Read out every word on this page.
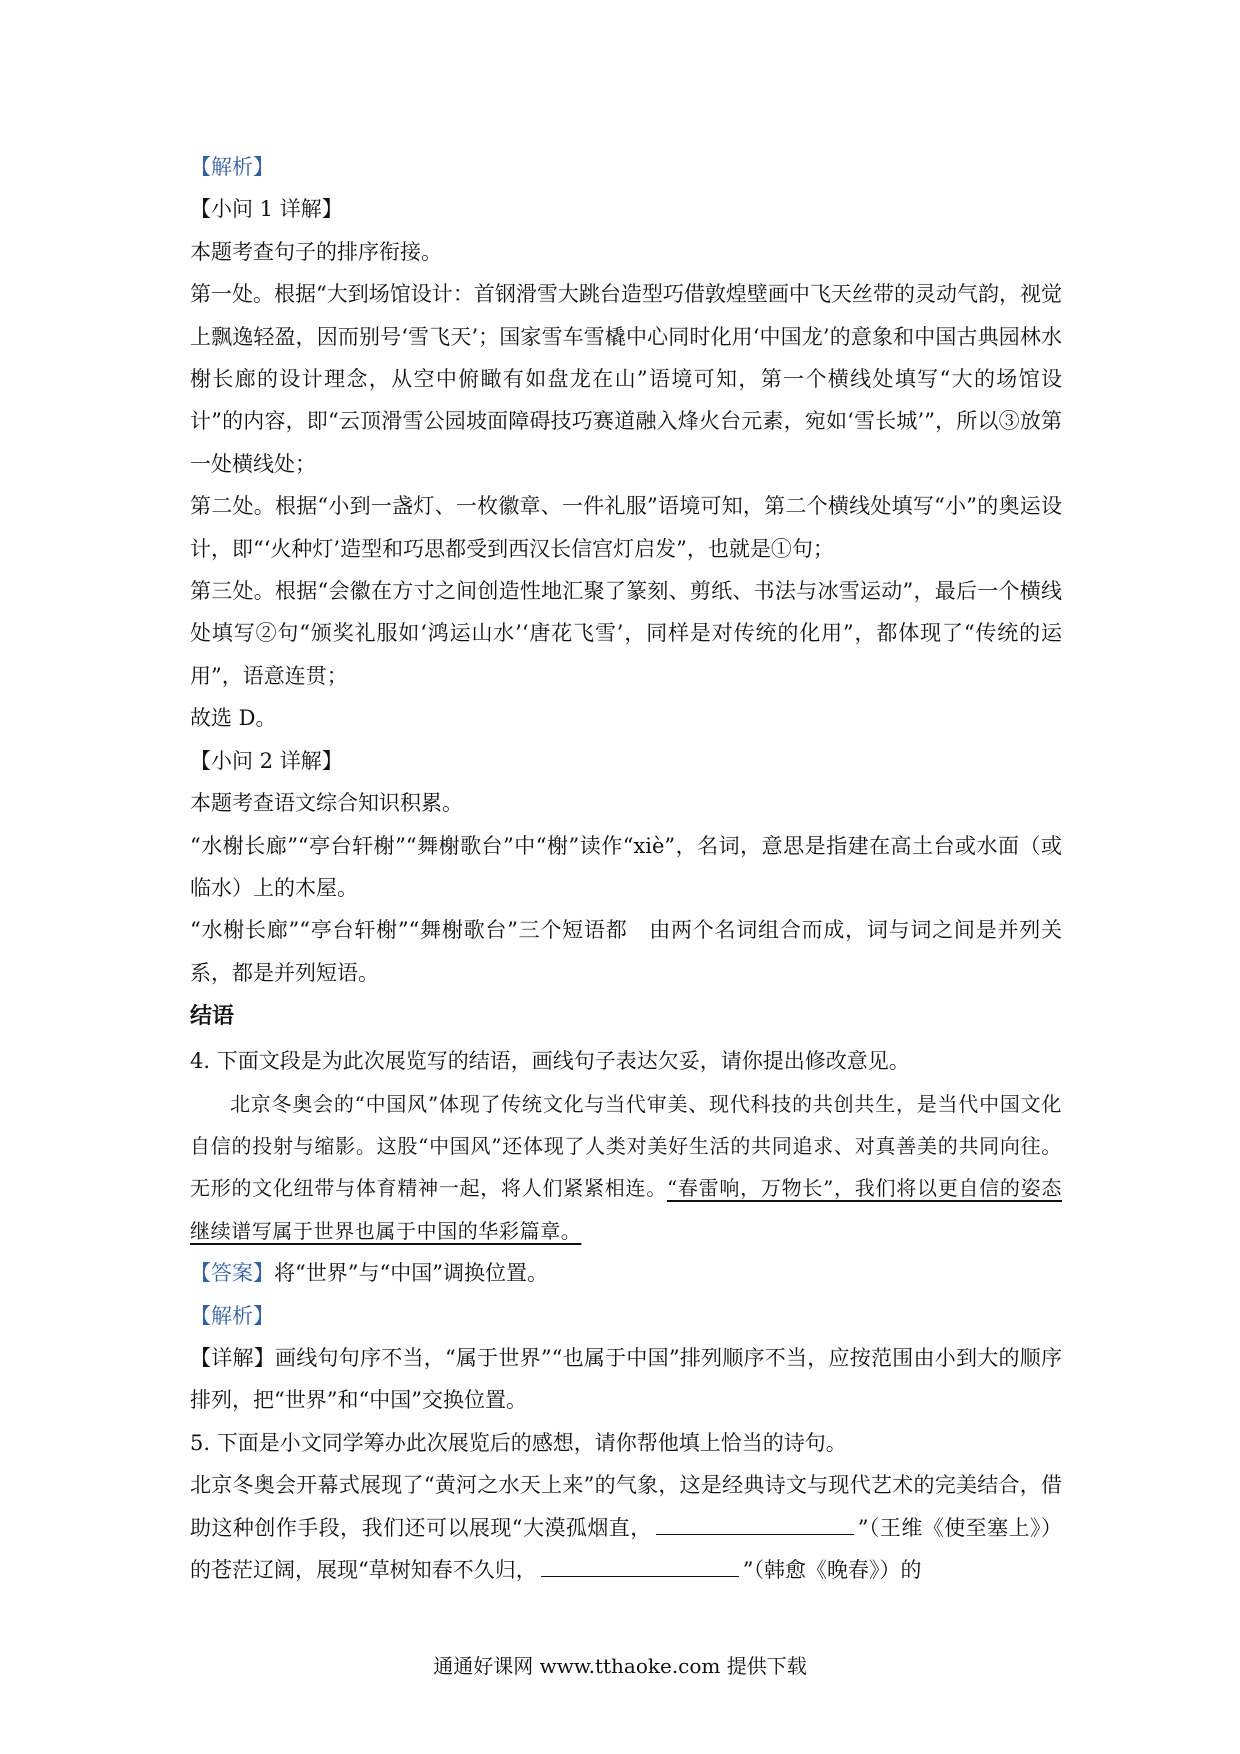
【解析】

【小问 1 详解】

本题考查句子的排序衔接。

第一处。根据“大到场馆设计：首钢滑雪大跳台造型巧借敦煌壁画中飞天丝带的灵动气韵，视觉上飘逸轻盈，因而别号‘雪飞天’；国家雪车雪橇中心同时化用‘中国龙’的意象和中国古典园林水榭长廊的设计理念，从空中俯瞰有如盘龙在山”语境可知，第一个横线处填写“大的场馆设计”的内容，即“云顶滑雪公园坡面障碍技巧赛道融入烽火台元素，宛如‘雪长城’”，所以③放第一处横线处；

第二处。根据“小到一盏灯、一枚徽章、一件礼服”语境可知，第二个横线处填写“小”的奥运设计，即“‘火种灯’造型和巧思都受到西汉长信宫灯启发”，也就是①句；

第三处。根据“会徽在方寸之间创造性地汇聚了篆刻、剪纸、书法与冰雪运动”，最后一个横线处填写②句“颁奖礼服如‘鸿运山水’‘唐花飞雪’，同样是对传统的化用”，都体现了“传统的运用”，语意连贯；

故选 D。

【小问 2 详解】

本题考查语文综合知识积累。

“水榭长廊”“亭台轩榭”“舞榭歌台”中“榭”读作“xiè”，名词，意思是指建在高土台或水面（或临水）上的木屋。

“水榭长廊”“亭台轩榭”“舞榭歌台”三个短语都　由两个名词组合而成，词与词之间是并列关系，都是并列短语。

结语

4. 下面文段是为此次展览写的结语，画线句子表达欠妥，请你提出修改意见。

北京冬奥会的“中国风”体现了传统文化与当代审美、现代科技的共创共生，是当代中国文化自信的投射与缩影。这股“中国风”还体现了人类对美好生活的共同追求、对真善美的共同向往。无形的文化纽带与体育精神一起，将人们紧紧相连。“春雷响，万物长”，我们将以更自信的姿态继续谱写属于世界也属于中国的华彩篇章。

【答案】将“世界”与“中国”调换位置。

【解析】

【详解】画线句句序不当，“属于世界”“也属于中国”排列顺序不当，应按范围由小到大的顺序排列，把“世界”和“中国”交换位置。

5. 下面是小文同学筹办此次展览后的感想，请你帮他填上恰当的诗句。

北京冬奥会开幕式展现了“黄河之水天上来”的气象，这是经典诗文与现代艺术的完美结合，借助这种创作手段，我们还可以展现“大漠孤烟直，	”（王维《使至塞上》）的苍茫辽阔，展现“草树知春不久归，	”（韩愈《晚春》）的

通通好课网 www.tthaoke.com 提供下载
